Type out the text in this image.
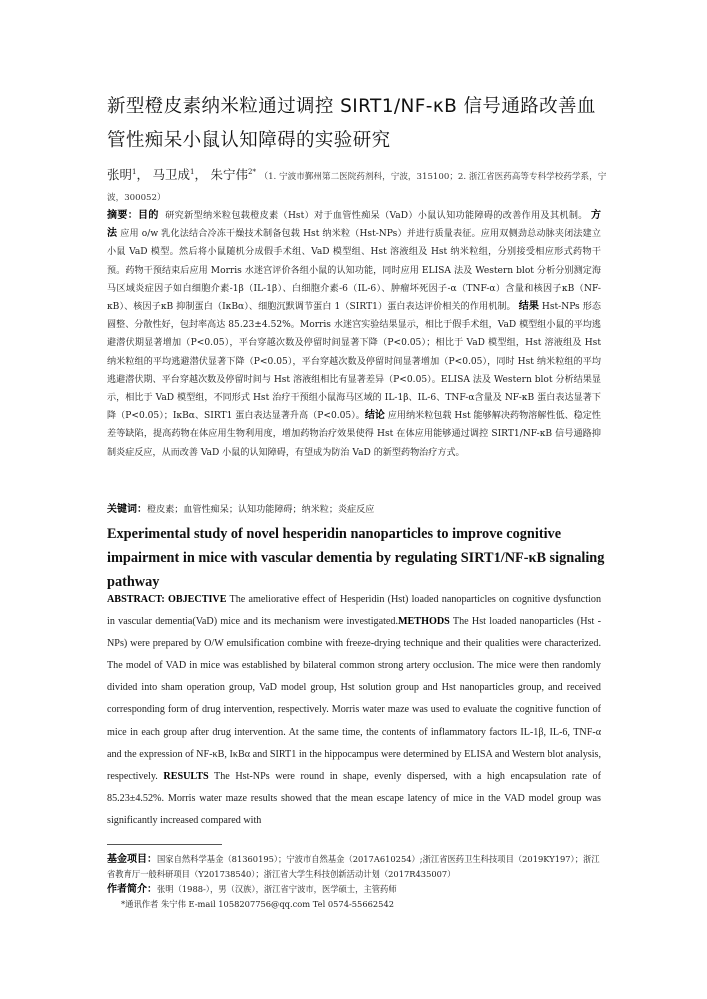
新型橙皮素纳米粒通过调控 SIRT1/NF-κB 信号通路改善血
管性痴呆小鼠认知障碍的实验研究
张明$^1$， 马卫成$^1$， 朱宁伟$^{2*}$ （1. 宁波市鄞州第二医院药剂科，宁波，315100；2. 浙江省医药高等专科学校药学系，宁波，300052）
摘要：目的 研究新型纳米粒包载橙皮素（Hst）对于血管性痴呆（VaD）小鼠认知功能障碍的改善作用及其机制。 方法 应用 o/w 乳化法结合冷冻干燥技术制备包载 Hst 纳米粒（Hst-NPs）并进行质量表征。应用双侧劲总动脉夹闭法建立小鼠 VaD 模型。然后将小鼠随机分成假手术组、VaD 模型组、Hst 溶液组及 Hst 纳米粒组，分别接受相应形式药物干预。药物干预结束后应用 Morris 水迷宫评价各组小鼠的认知功能，同时应用 ELISA 法及 Western blot 分析分别测定海马区域炎症因子如白细胞介素-1β（IL-1β）、白细胞介素-6（IL-6）、肿瘤坏死因子-α（TNF-α）含量和核因子κB（NF-κB）、核因子κB 抑制蛋白（IκBα）、细胞沉默调节蛋白 1（SIRT1）蛋白表达评价相关的作用机制。 结果 Hst-NPs 形态圆整、分散性好，包封率高达 85.23±4.52%。Morris 水迷宫实验结果显示，相比于假手术组，VaD 模型组小鼠的平均逃避潜伏期显著增加（P<0.05），平台穿越次数及停留时间显著下降（P<0.05）；相比于 VaD 模型组，Hst 溶液组及 Hst 纳米粒组的平均逃避潜伏显著下降（P<0.05），平台穿越次数及停留时间显著增加（P<0.05），同时 Hst 纳米粒组的平均逃避潜伏期、平台穿越次数及停留时间与 Hst 溶液组相比有显著差异（P<0.05）。ELISA 法及 Western blot 分析结果显示，相比于 VaD 模型组，不同形式 Hst 治疗干预组小鼠海马区域的 IL-1β、IL-6、TNF-α含量及 NF-κB 蛋白表达显著下降（P<0.05）；IκBα、SIRT1 蛋白表达显著升高（P<0.05）。结论 应用纳米粒包载 Hst 能够解决药物溶解性低、稳定性差等缺陷，提高药物在体应用生物利用度，增加药物治疗效果使得 Hst 在体应用能够通过调控 SIRT1/NF-κB 信号通路抑制炎症反应，从而改善 VaD 小鼠的认知障碍，有望成为防治 VaD 的新型药物治疗方式。
关键词：橙皮素；血管性痴呆；认知功能障碍；纳米粒；炎症反应
Experimental study of novel hesperidin nanoparticles to improve cognitive impairment in mice with vascular dementia by regulating SIRT1/NF-κB signaling pathway
ABSTRACT: OBJECTIVE The ameliorative effect of Hesperidin (Hst) loaded nanoparticles on cognitive dysfunction in vascular dementia(VaD) mice and its mechanism were investigated.METHODS The Hst loaded nanoparticles (Hst - NPs) were prepared by O/W emulsification combine with freeze-drying technique and their qualities were characterized. The model of VAD in mice was established by bilateral common strong artery occlusion. The mice were then randomly divided into sham operation group, VaD model group, Hst solution group and Hst nanoparticles group, and received corresponding form of drug intervention, respectively. Morris water maze was used to evaluate the cognitive function of mice in each group after drug intervention. At the same time, the contents of inflammatory factors IL-1β, IL-6, TNF-α and the expression of NF-κB, IκBα and SIRT1 in the hippocampus were determined by ELISA and Western blot analysis, respectively. RESULTS The Hst-NPs were round in shape, evenly dispersed, with a high encapsulation rate of 85.23±4.52%. Morris water maze results showed that the mean escape latency of mice in the VAD model group was significantly increased compared with
基金项目：国家自然科学基金（81360195）；宁波市自然基金（2017A610254）;浙江省医药卫生科技项目（2019KY197）；浙江省教育厅一般科研项目（Y201738540）；浙江省大学生科技创新活动计划（2017R435007）
作者简介：张明（1988-），男（汉族），浙江省宁波市，医学硕士，主管药师
*通讯作者 朱宁伟 E-mail 1058207756@qq.com Tel 0574-55662542
